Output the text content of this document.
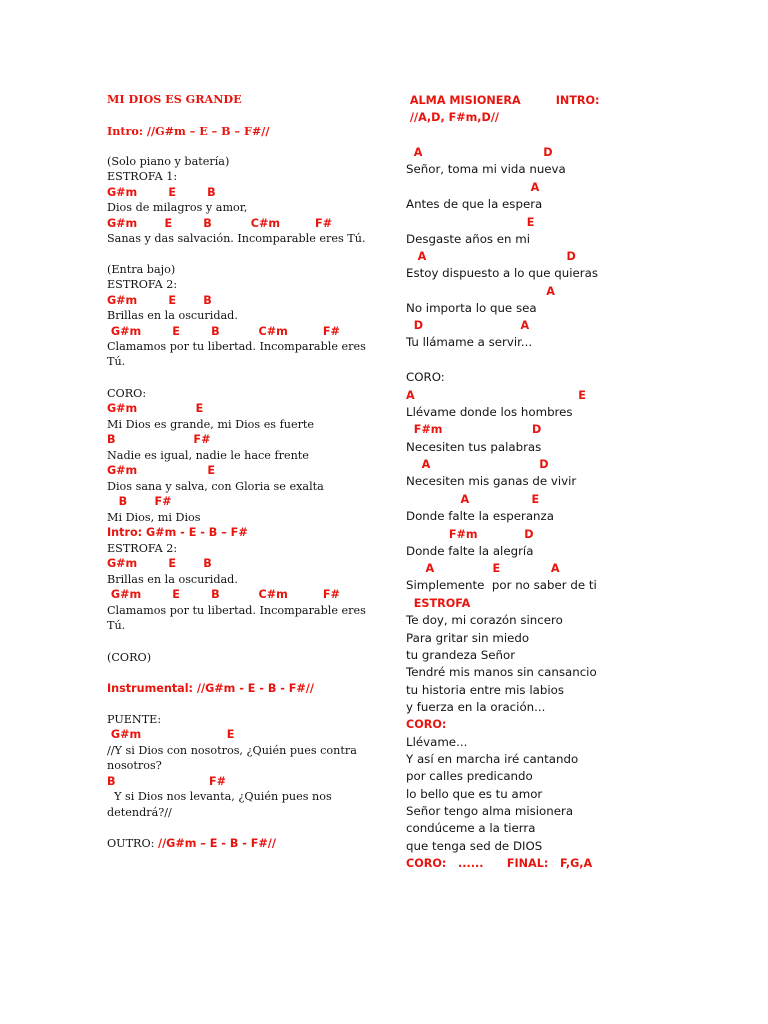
MI DIOS ES GRANDE
Intro: //G#m – E – B – F#//
(Solo piano y batería)
ESTROFA 1:
G#m        E        B
Dios de milagros y amor,
G#m       E        B          C#m         F#
Sanas y das salvación. Incomparable eres Tú.
(Entra bajo)
ESTROFA 2:
G#m        E       B
Brillas en la oscuridad.
G#m        E        B          C#m         F#
Clamamos por tu libertad. Incomparable eres
Tú.
CORO:
G#m               E
Mi Dios es grande, mi Dios es fuerte
B                    F#
Nadie es igual, nadie le hace frente
G#m                  E
Dios sana y salva, con Gloria se exalta
B       F#
Mi Dios, mi Dios
Intro: G#m - E - B – F#
ESTROFA 2:
G#m        E       B
Brillas en la oscuridad.
G#m        E        B          C#m         F#
Clamamos por tu libertad. Incomparable eres
Tú.
(CORO)
Instrumental: //G#m - E - B - F#//
PUENTE:
G#m                      E
//Y si Dios con nosotros, ¿Quién pues contra
nosotros?
B                        F#
Y si Dios nos levanta, ¿Quién pues nos
detendrá?//
OUTRO: //G#m – E - B - F#//
ALMA MISIONERA         INTRO:
//A,D, F#m,D//
A                               D
Señor, toma mi vida nueva
A
Antes de que la espera
E
Desgaste años en mi
A                                    D
Estoy dispuesto a lo que quieras
A
No importa lo que sea
D                         A
Tu llámame a servir...
CORO:
A                                          E
Llévame donde los hombres
F#m                       D
Necesiten tus palabras
A                            D
Necesiten mis ganas de vivir
A                E
Donde falte la esperanza
F#m            D
Donde falte la alegría
A               E             A
Simplemente  por no saber de ti
ESTROFA
Te doy, mi corazón sincero
Para gritar sin miedo
tu grandeza Señor
Tendré mis manos sin cansancio
tu historia entre mis labios
y fuerza en la oración...
CORO:
Llévame...
Y así en marcha iré cantando
por calles predicando
lo bello que es tu amor
Señor tengo alma misionera
condúceme a la tierra
que tenga sed de DIOS
CORO:   ......      FINAL:   F,G,A
